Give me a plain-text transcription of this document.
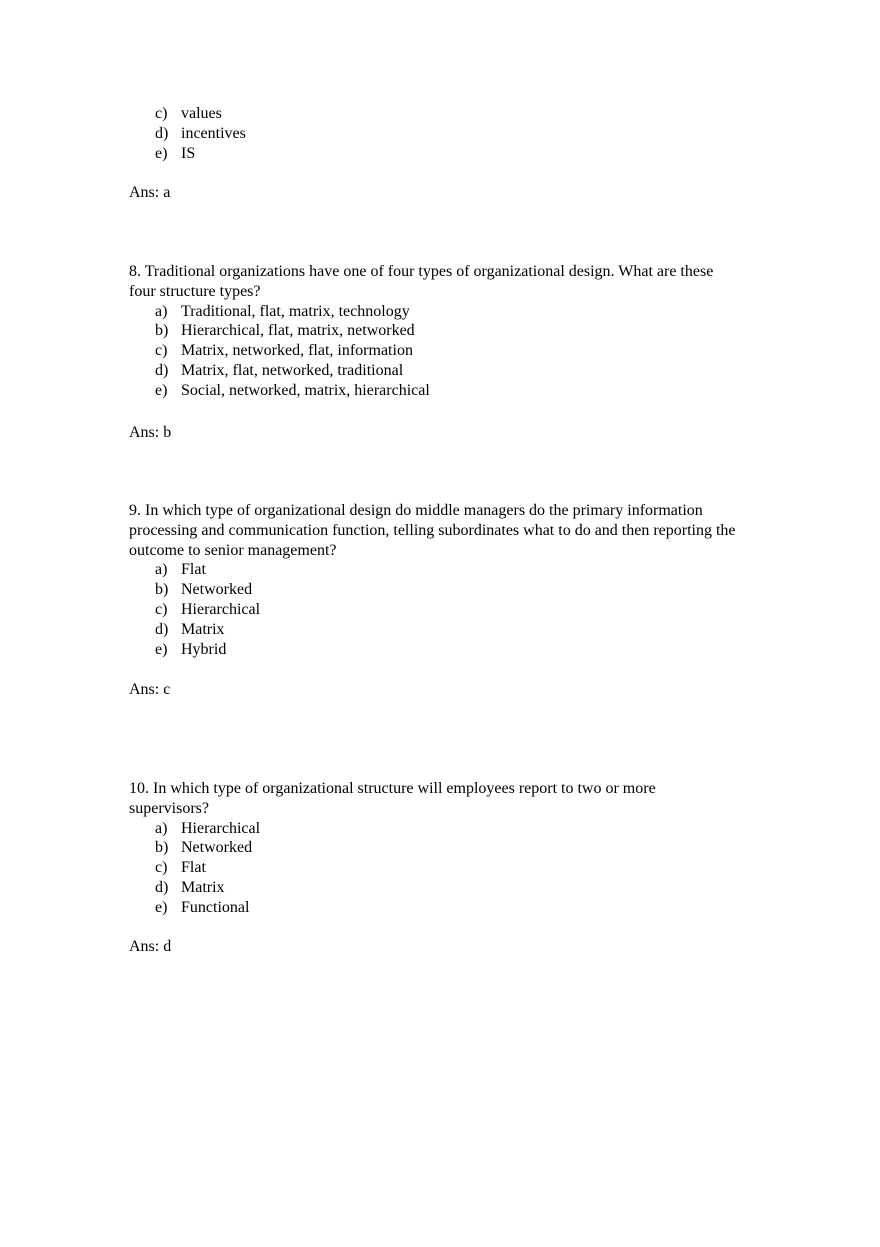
c) values
d) incentives
e) IS
Ans: a

8. Traditional organizations have one of four types of organizational design. What are these four structure types?

a) Traditional, flat, matrix, technology
b) Hierarchical, flat, matrix, networked
c) Matrix, networked, flat, information
d) Matrix, flat, networked, traditional
e) Social, networked, matrix, hierarchical
Ans: b

9. In which type of organizational design do middle managers do the primary information processing and communication function, telling subordinates what to do and then reporting the outcome to senior management?

a) Flat
b) Networked
c) Hierarchical
d) Matrix
e) Hybrid
Ans: c

10. In which type of organizational structure will employees report to two or more supervisors?

a) Hierarchical
b) Networked
c) Flat
d) Matrix
e) Functional
Ans: d
